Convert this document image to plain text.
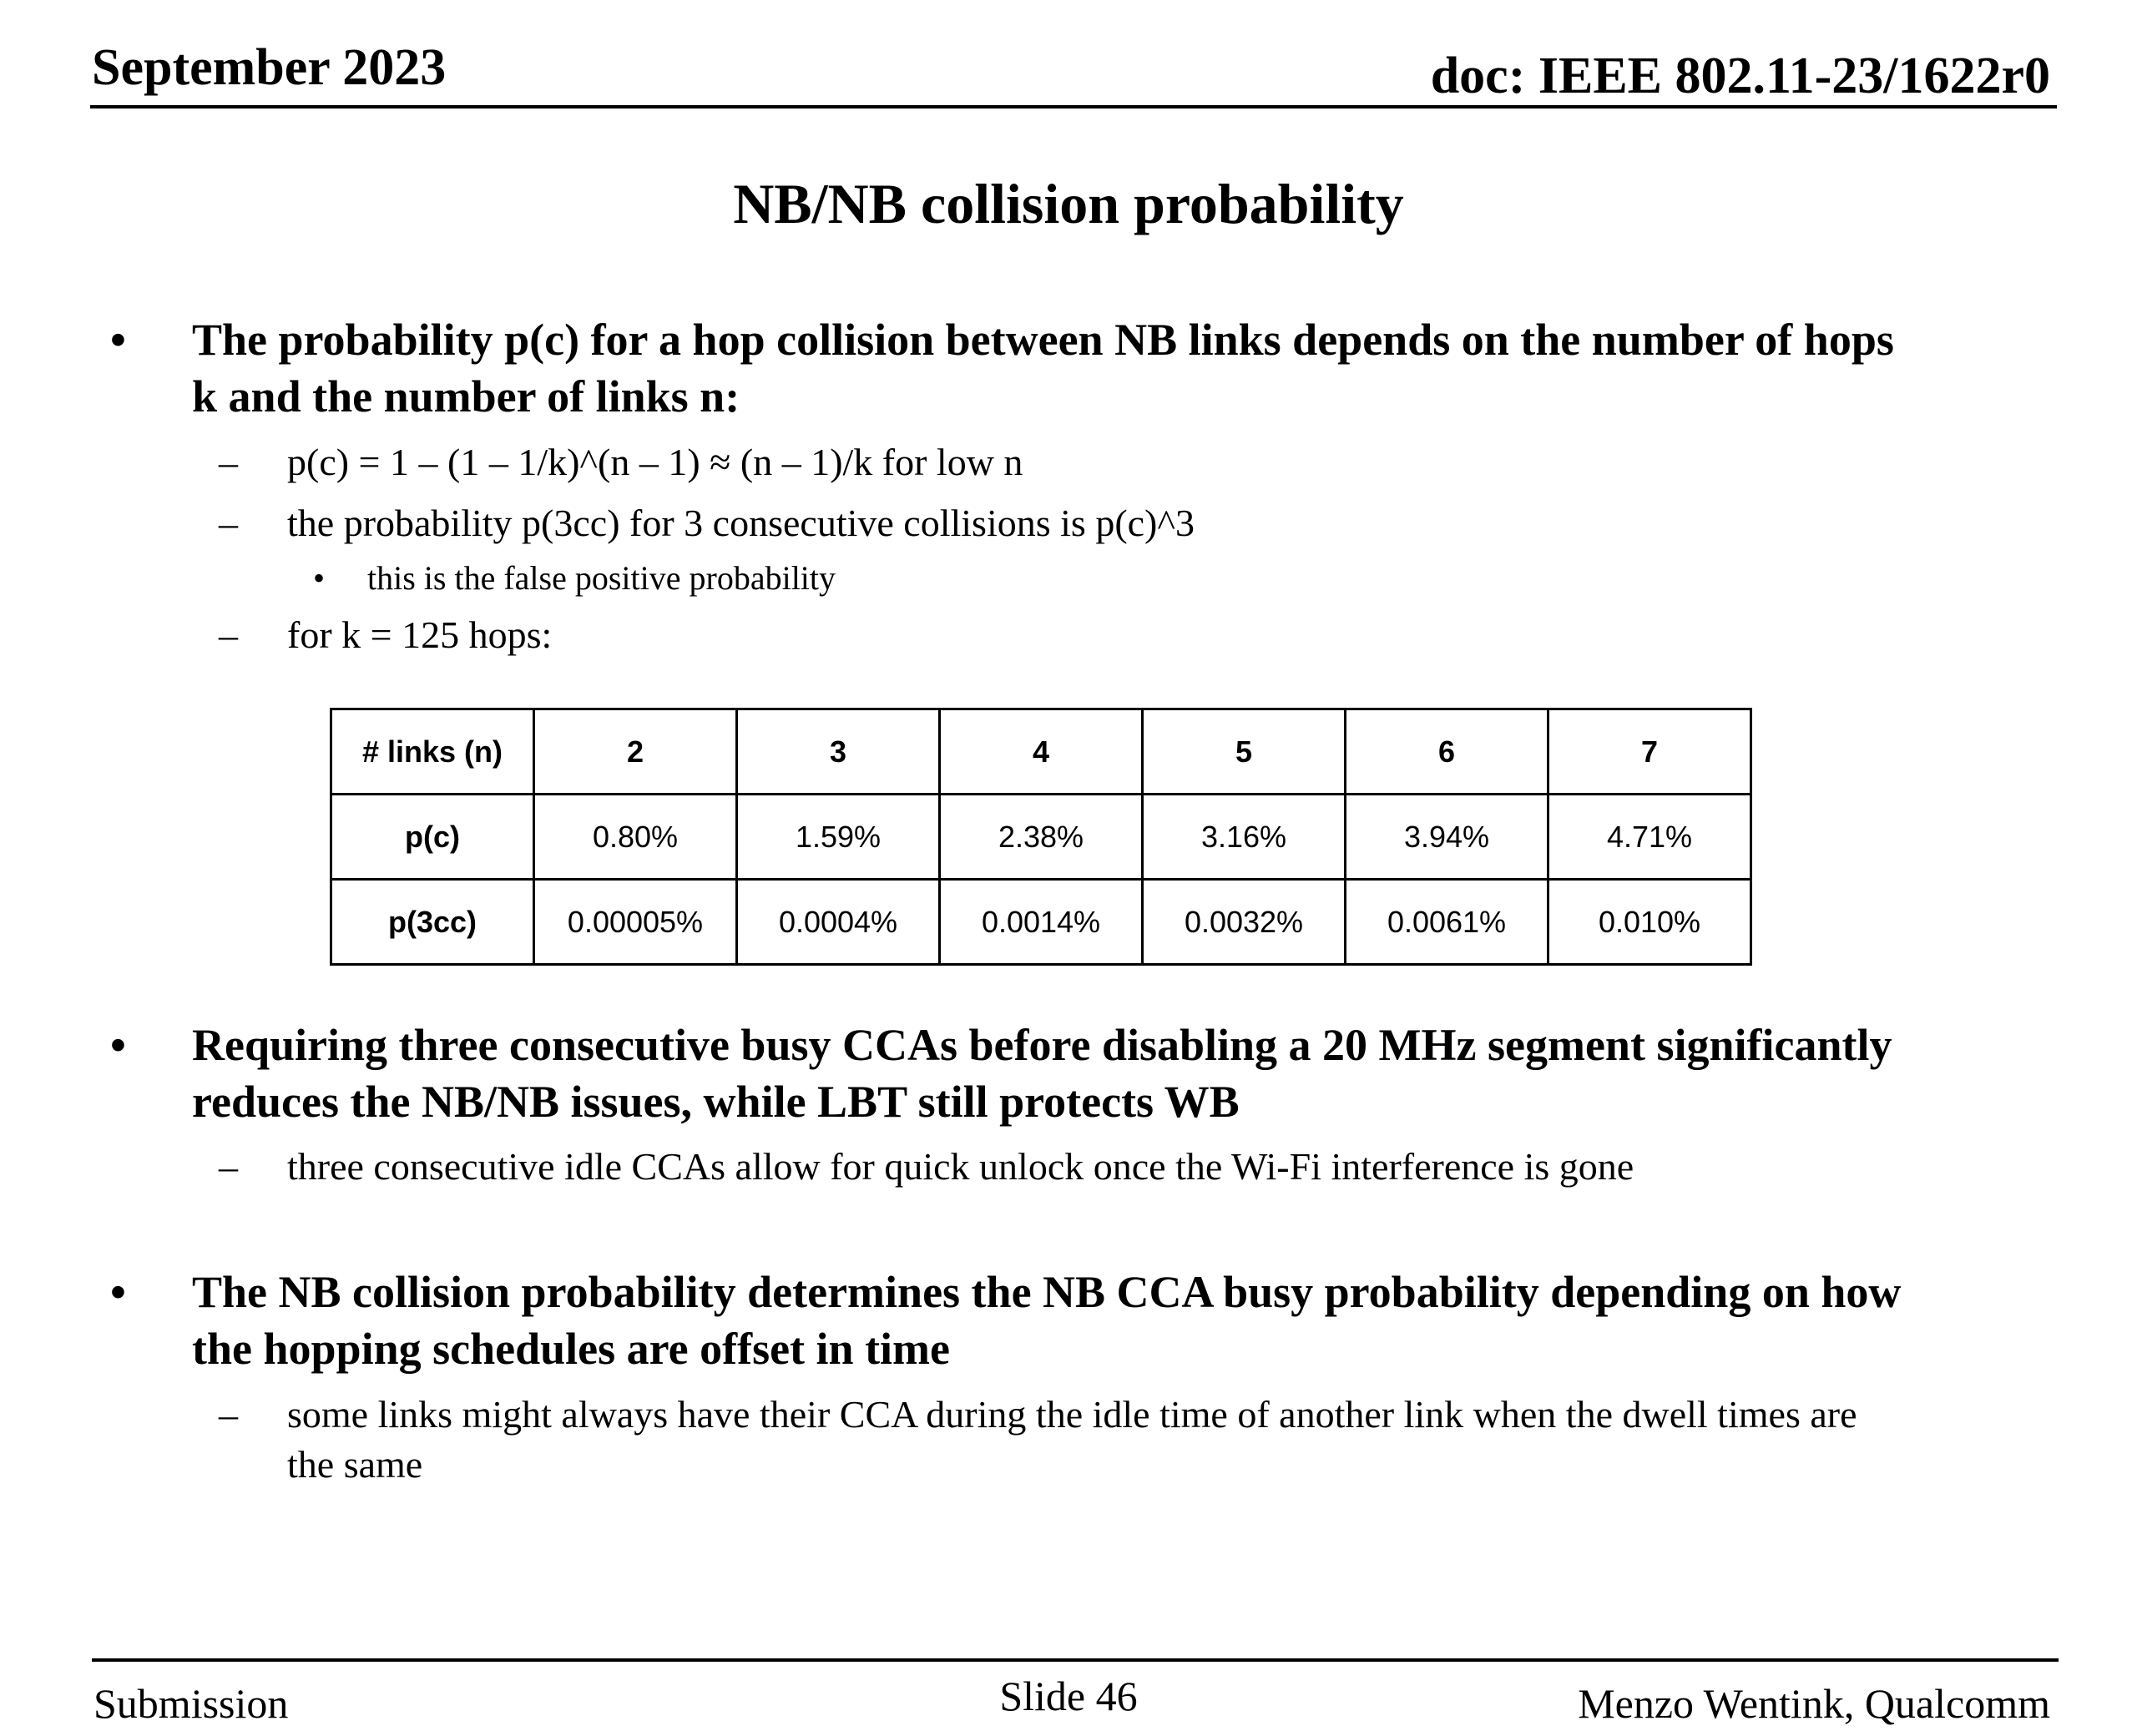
September 2023	doc: IEEE 802.11-23/1622r0
NB/NB collision probability
• The probability p(c) for a hop collision between NB links depends on the number of hops
k and the number of links n:
– p(c) = 1 – (1 – 1/k)^(n – 1) ≈ (n – 1)/k for low n
– the probability p(3cc) for 3 consecutive collisions is p(c)^3
• this is the false positive probability
– for k = 125 hops:
# links (n)	2	3	4	5	6	7
p(c)	0.80%	1.59%	2.38%	3.16%	3.94%	4.71%
p(3cc)	0.00005%	0.0004%	0.0014%	0.0032%	0.0061%	0.010%
• Requiring three consecutive busy CCAs before disabling a 20 MHz segment significantly
reduces the NB/NB issues, while LBT still protects WB
– three consecutive idle CCAs allow for quick unlock once the Wi-Fi interference is gone
• The NB collision probability determines the NB CCA busy probability depending on how
the hopping schedules are offset in time
– some links might always have their CCA during the idle time of another link when the dwell times are
the same
Submission	Slide 46	Menzo Wentink, Qualcomm
